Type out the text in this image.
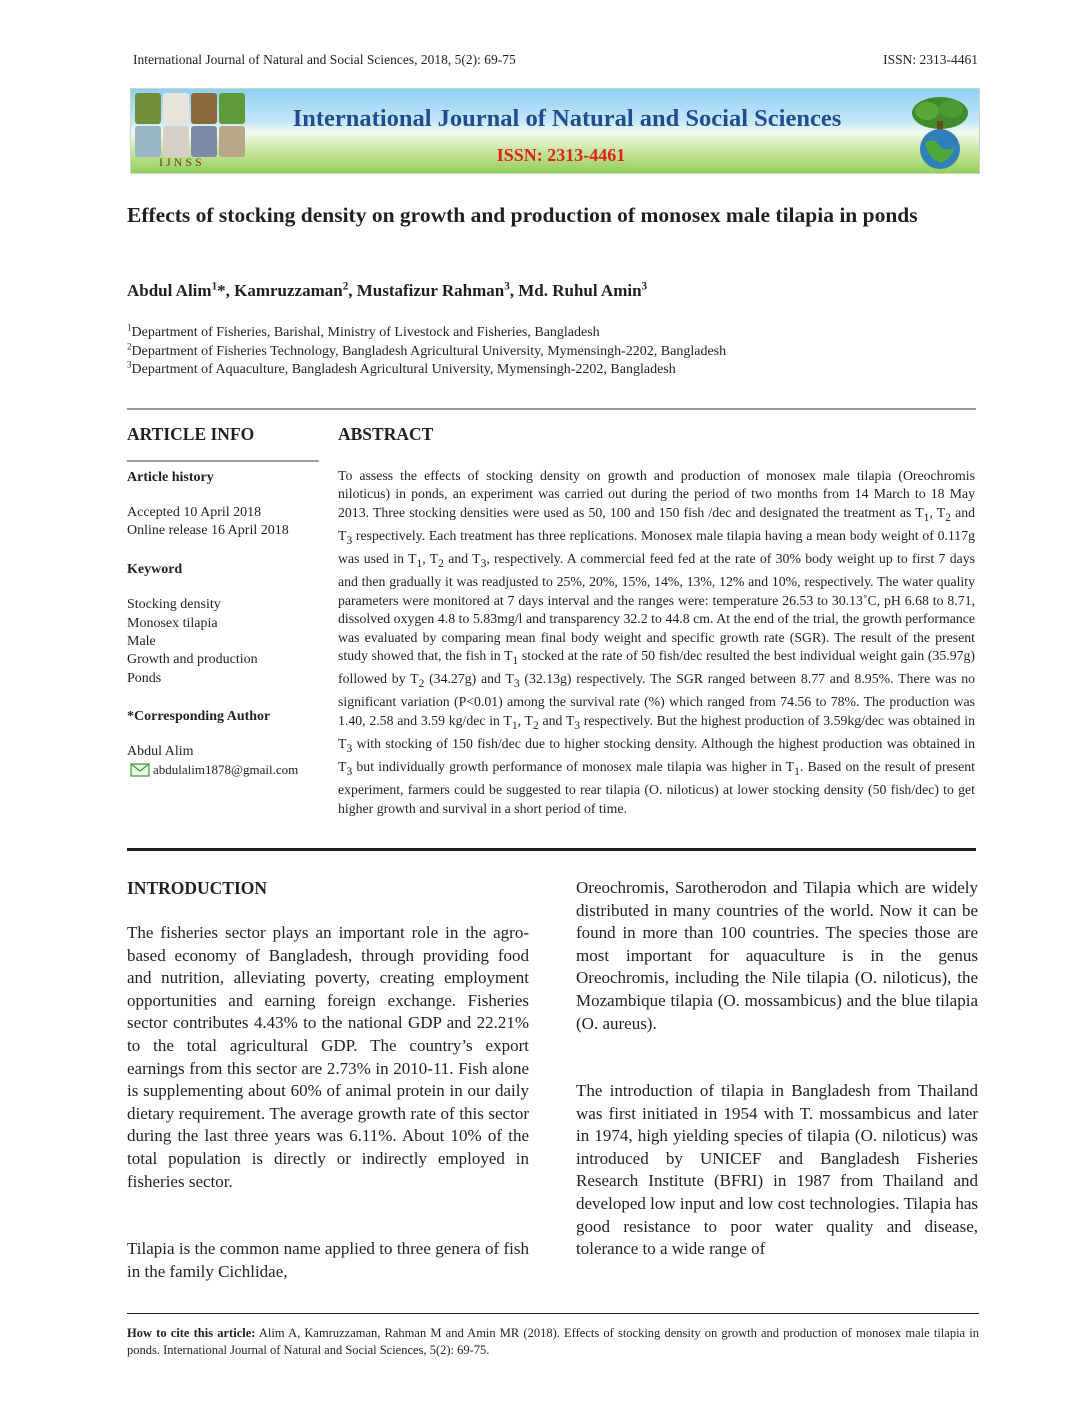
International Journal of Natural and Social Sciences, 2018, 5(2): 69-75	ISSN: 2313-4461
IJNSS
International Journal of Natural and Social Sciences
ISSN: 2313-4461
Effects of stocking density on growth and production of monosex male tilapia in ponds
Abdul Alim$^1$*, Kamruzzaman$^2$, Mustafizur Rahman$^3$, Md. Ruhul Amin$^3$
$^1$Department of Fisheries, Barishal, Ministry of Livestock and Fisheries, Bangladesh
$^2$Department of Fisheries Technology, Bangladesh Agricultural University, Mymensingh-2202, Bangladesh
$^3$Department of Aquaculture, Bangladesh Agricultural University, Mymensingh-2202, Bangladesh
ARTICLE INFO	ABSTRACT
Article history
Accepted 10 April 2018
Online release 16 April 2018
Keyword
Stocking density
Monosex tilapia
Male
Growth and production
Ponds
*Corresponding Author
Abdul Alim
abdulalim1878@gmail.com
To assess the effects of stocking density on growth and production of monosex male tilapia (Oreochromis niloticus) in ponds, an experiment was carried out during the period of two months from 14 March to 18 May 2013. Three stocking densities were used as 50, 100 and 150 fish /dec and designated the treatment as $T_1$, $T_2$ and $T_3$ respectively. Each treatment has three replications. Monosex male tilapia having a mean body weight of 0.117g was used in $T_1$, $T_2$ and $T_3$, respectively. A commercial feed fed at the rate of 30% body weight up to first 7 days and then gradually it was readjusted to 25%, 20%, 15%, 14%, 13%, 12% and 10%, respectively. The water quality parameters were monitored at 7 days interval and the ranges were: temperature 26.53 to 30.13˚C, pH 6.68 to 8.71, dissolved oxygen 4.8 to 5.83mg/l and transparency 32.2 to 44.8 cm. At the end of the trial, the growth performance was evaluated by comparing mean final body weight and specific growth rate (SGR). The result of the present study showed that, the fish in $T_1$ stocked at the rate of 50 fish/dec resulted the best individual weight gain (35.97g) followed by $T_2$ (34.27g) and $T_3$ (32.13g) respectively. The SGR ranged between 8.77 and 8.95%. There was no significant variation (P<0.01) among the survival rate (%) which ranged from 74.56 to 78%. The production was 1.40, 2.58 and 3.59 kg/dec in $T_1$, $T_2$ and $T_3$ respectively. But the highest production of 3.59kg/dec was obtained in $T_3$ with stocking of 150 fish/dec due to higher stocking density. Although the highest production was obtained in $T_3$ but individually growth performance of monosex male tilapia was higher in $T_1$. Based on the result of present experiment, farmers could be suggested to rear tilapia (O. niloticus) at lower stocking density (50 fish/dec) to get higher growth and survival in a short period of time.
INTRODUCTION
The fisheries sector plays an important role in the agro-based economy of Bangladesh, through providing food and nutrition, alleviating poverty, creating employment opportunities and earning foreign exchange. Fisheries sector contributes 4.43% to the national GDP and 22.21% to the total agricultural GDP. The country’s export earnings from this sector are 2.73% in 2010-11. Fish alone is supplementing about 60% of animal protein in our daily dietary requirement. The average growth rate of this sector during the last three years was 6.11%. About 10% of the total population is directly or indirectly employed in fisheries sector.
Tilapia is the common name applied to three genera of fish in the family Cichlidae,
Oreochromis, Sarotherodon and Tilapia which are widely distributed in many countries of the world. Now it can be found in more than 100 countries. The species those are most important for aquaculture is in the genus Oreochromis, including the Nile tilapia (O. niloticus), the Mozambique tilapia (O. mossambicus) and the blue tilapia (O. aureus).
The introduction of tilapia in Bangladesh from Thailand was first initiated in 1954 with T. mossambicus and later in 1974, high yielding species of tilapia (O. niloticus) was introduced by UNICEF and Bangladesh Fisheries Research Institute (BFRI) in 1987 from Thailand and developed low input and low cost technologies. Tilapia has good resistance to poor water quality and disease, tolerance to a wide range of
How to cite this article: Alim A, Kamruzzaman, Rahman M and Amin MR (2018). Effects of stocking density on growth and production of monosex male tilapia in ponds. International Journal of Natural and Social Sciences, 5(2): 69-75.
